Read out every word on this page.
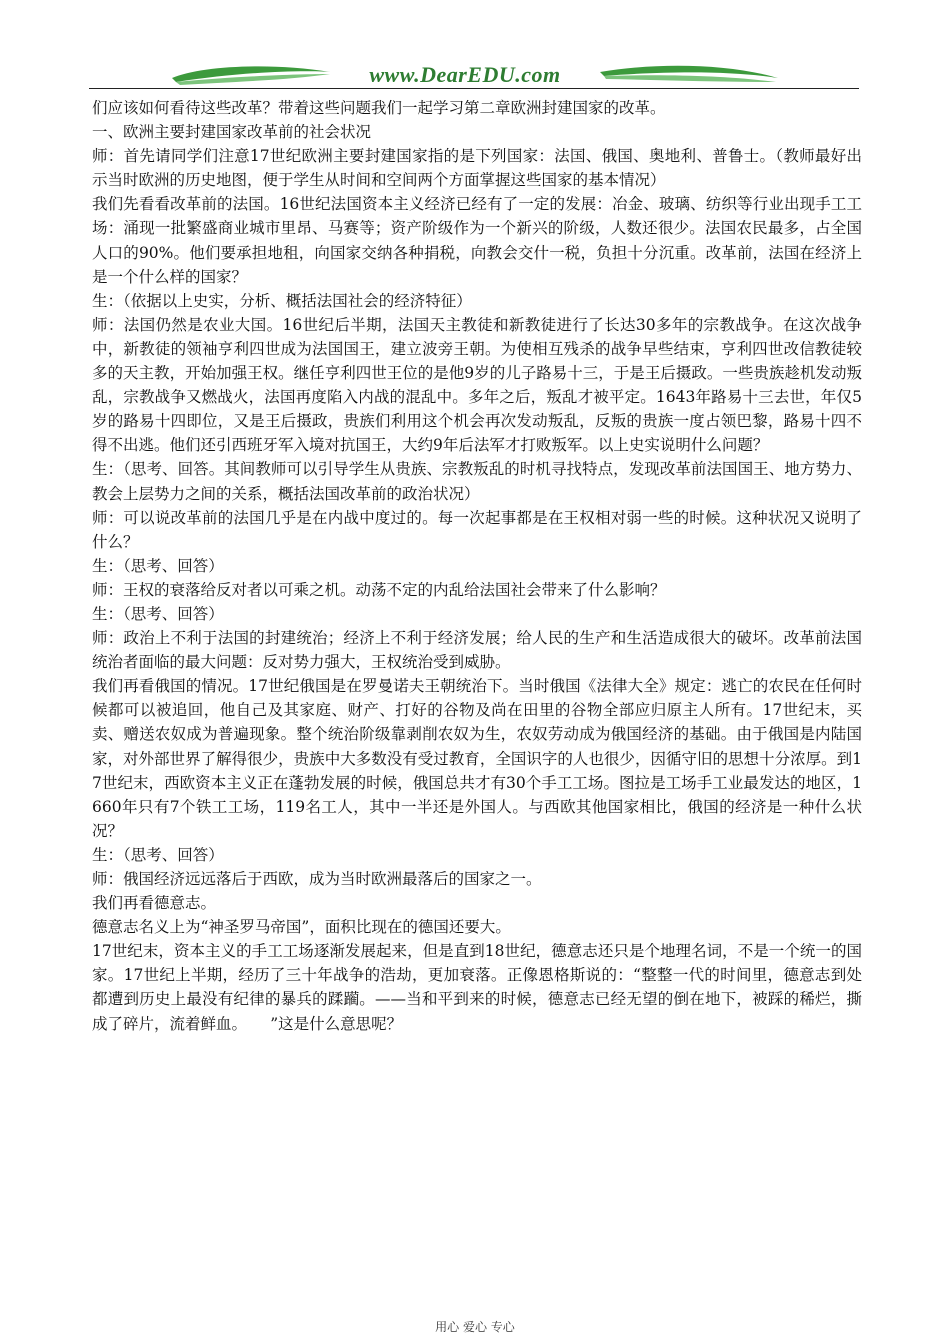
www.DearEDU.com

们应该如何看待这些改革？带着这些问题我们一起学习第二章欧洲封建国家的改革。

一、欧洲主要封建国家改革前的社会状况

师：首先请同学们注意17世纪欧洲主要封建国家指的是下列国家：法国、俄国、奥地利、普鲁士。（教师最好出示当时欧洲的历史地图，便于学生从时间和空间两个方面掌握这些国家的基本情况）

我们先看看改革前的法国。16世纪法国资本主义经济已经有了一定的发展：冶金、玻璃、纺织等行业出现手工工场：涌现一批繁盛商业城市里昂、马赛等；资产阶级作为一个新兴的阶级，人数还很少。法国农民最多，占全国人口的90%。他们要承担地租，向国家交纳各种捐税，向教会交什一税，负担十分沉重。改革前，法国在经济上是一个什么样的国家？

生：（依据以上史实，分析、概括法国社会的经济特征）

师：法国仍然是农业大国。16世纪后半期，法国天主教徒和新教徒进行了长达30多年的宗教战争。在这次战争中，新教徒的领袖亨利四世成为法国国王，建立波旁王朝。为使相互残杀的战争早些结束，亨利四世改信教徒较多的天主教，开始加强王权。继任亨利四世王位的是他9岁的儿子路易十三，于是王后摄政。一些贵族趁机发动叛乱，宗教战争又燃战火，法国再度陷入内战的混乱中。多年之后，叛乱才被平定。1643年路易十三去世，年仅5岁的路易十四即位，又是王后摄政，贵族们利用这个机会再次发动叛乱，反叛的贵族一度占领巴黎，路易十四不得不出逃。他们还引西班牙军入境对抗国王，大约9年后法军才打败叛军。以上史实说明什么问题？

生：（思考、回答。其间教师可以引导学生从贵族、宗教叛乱的时机寻找特点，发现改革前法国国王、地方势力、教会上层势力之间的关系，概括法国改革前的政治状况）

师：可以说改革前的法国几乎是在内战中度过的。每一次起事都是在王权相对弱一些的时候。这种状况又说明了什么？

生：（思考、回答）

师：王权的衰落给反对者以可乘之机。动荡不定的内乱给法国社会带来了什么影响？

生：（思考、回答）

师：政治上不利于法国的封建统治；经济上不利于经济发展；给人民的生产和生活造成很大的破坏。改革前法国统治者面临的最大问题：反对势力强大，王权统治受到威胁。

我们再看俄国的情况。17世纪俄国是在罗曼诺夫王朝统治下。当时俄国《法律大全》规定：逃亡的农民在任何时候都可以被追回，他自己及其家庭、财产、打好的谷物及尚在田里的谷物全部应归原主人所有。17世纪末，买卖、赠送农奴成为普遍现象。整个统治阶级靠剥削农奴为生，农奴劳动成为俄国经济的基础。由于俄国是内陆国家，对外部世界了解得很少，贵族中大多数没有受过教育，全国识字的人也很少，因循守旧的思想十分浓厚。到17世纪末，西欧资本主义正在蓬勃发展的时候，俄国总共才有30个手工工场。图拉是工场手工业最发达的地区，1660年只有7个铁工工场，119名工人，其中一半还是外国人。与西欧其他国家相比，俄国的经济是一种什么状况？

生：（思考、回答）

师：俄国经济远远落后于西欧，成为当时欧洲最落后的国家之一。

我们再看德意志。

德意志名义上为“神圣罗马帝国”，面积比现在的德国还要大。

17世纪末，资本主义的手工工场逐渐发展起来，但是直到18世纪，德意志还只是个地理名词，不是一个统一的国家。17世纪上半期，经历了三十年战争的浩劫，更加衰落。正像恩格斯说的：“整整一代的时间里，德意志到处都遭到历史上最没有纪律的暴兵的蹂躏。——当和平到来的时候，德意志已经无望的倒在地下，被踩的稀烂，撕成了碎片，流着鲜血。　　”这是什么意思呢？

用心 爱心 专心
